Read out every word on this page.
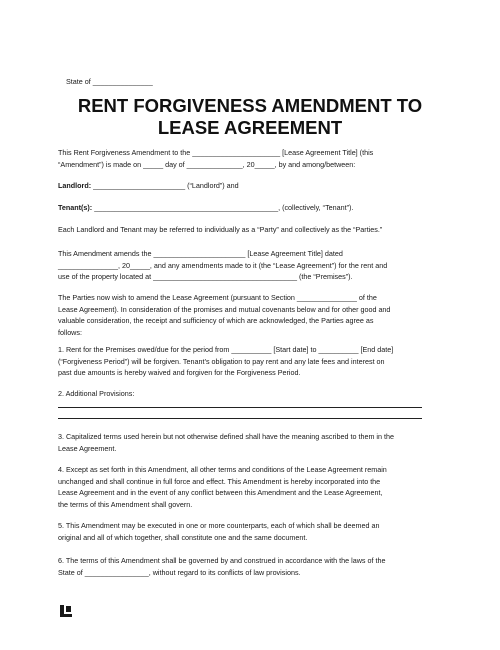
State of _______________
RENT FORGIVENESS AMENDMENT TO
LEASE AGREEMENT

This Rent Forgiveness Amendment to the ______________________ [Lease Agreement Title] (this

“Amendment”) is made on _____ day of ______________, 20_____, by and among/between:

Landlord: _______________________ (“Landlord”) and

Tenant(s): ______________________________________________, (collectively, “Tenant”).

Each Landlord and Tenant may be referred to individually as a “Party” and collectively as the “Parties.”

This Amendment amends the _______________________ [Lease Agreement Title] dated

_______________, 20_____, and any amendments made to it (the “Lease Agreement”) for the rent and

use of the property located at ____________________________________ (the “Premises”).

The Parties now wish to amend the Lease Agreement (pursuant to Section _______________ of the

Lease Agreement). In consideration of the promises and mutual covenants below and for other good and

valuable consideration, the receipt and sufficiency of which are acknowledged, the Parties agree as

follows:

1. Rent for the Premises owed/due for the period from __________ [Start date] to __________ [End date]

(“Forgiveness Period”) will be forgiven. Tenant’s obligation to pay rent and any late fees and interest on

past due amounts is hereby waived and forgiven for the Forgiveness Period.

2. Additional Provisions:

3. Capitalized terms used herein but not otherwise defined shall have the meaning ascribed to them in the

Lease Agreement.

4. Except as set forth in this Amendment, all other terms and conditions of the Lease Agreement remain

unchanged and shall continue in full force and effect. This Amendment is hereby incorporated into the

Lease Agreement and in the event of any conflict between this Amendment and the Lease Agreement,

the terms of this Amendment shall govern.

5. This Amendment may be executed in one or more counterparts, each of which shall be deemed an

original and all of which together, shall constitute one and the same document.

6. The terms of this Amendment shall be governed by and construed in accordance with the laws of the

State of ________________, without regard to its conflicts of law provisions.
